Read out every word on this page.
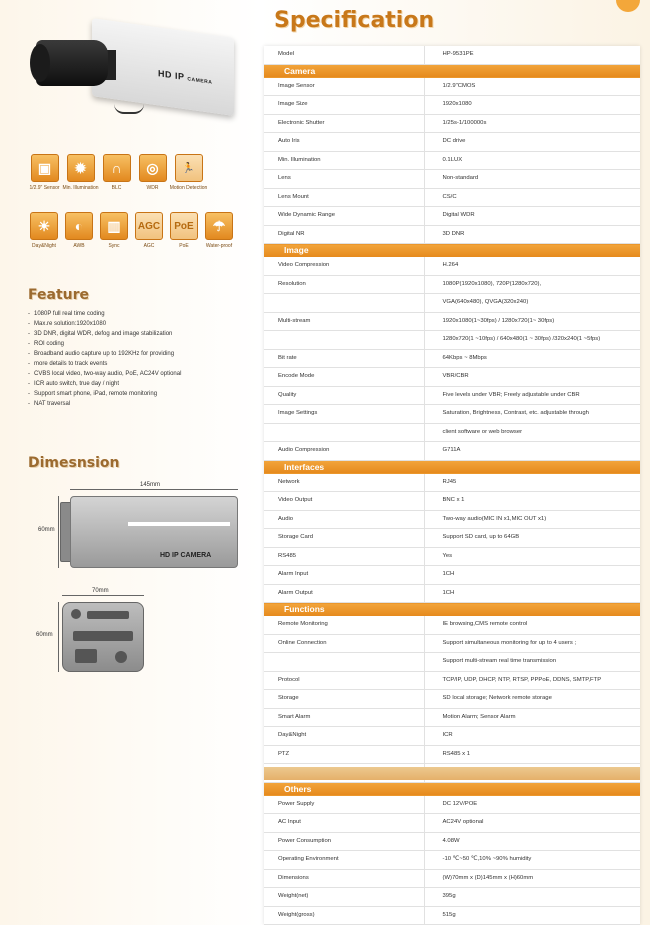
HD IP CAMERA
▣
1/2.9" Sensor
✹
Min. Illumination
∩
BLC
◎
WDR
🏃
Motion Detection
☀
Day&Night
◐
AWB
▥
Sync
AGC
AGC
PoE
PoE
☂
Water-proof
Feature
- 1080P full real time coding
- Max.re solution:1920x1080
- 3D DNR, digital WDR, defog and image stabilization
- ROI coding
- Broadband audio capture up to 192KHz for providing
- more details to track events
- CVBS local video, two-way audio, PoE, AC24V optional
- ICR auto switch, true day / night
- Support smart phone, iPad, remote monitoring
- NAT traversal
Dimesnsion
145mm
60mm
HD IP CAMERA
70mm
60mm
Specification
Model	HP-9531PE
Camera	
Image Sensor	1/2.9"CMOS
Image Size	1920x1080
Electronic Shutter	1/25s-1/100000s
Auto Iris	DC drive
Min. Illumination	0.1LUX
Lens	Non-standard
Lens Mount	CS/C
Wide Dynamic Range	Digital WDR
Digital NR	3D DNR
Image	
Video Compression	H.264
Resolution	1080P(1920x1080), 720P(1280x720),
	VGA(640x480), QVGA(320x240)
Multi-stream	1920x1080(1~30fps) / 1280x720(1~ 30fps)
	1280x720(1 ~10fps) / 640x480(1 ~ 30fps) /320x240(1 ~5fps)
Bit rate	64Kbps ~ 8Mbps
Encode Mode	VBR/CBR
Quality	Five levels under VBR; Freely adjustable under CBR
Image Settings	Saturation, Brightness, Contrast, etc. adjustable through
	client software or web browser
Audio Compression	G711A
Interfaces	
Network	RJ45
Video Output	BNC x 1
Audio	Two-way audio(MIC IN x1,MIC OUT x1)
Storage Card	Support SD card, up to 64GB
RS485	Yes
Alarm Input	1CH
Alarm Output	1CH
Functions	
Remote Monitoring	IE browsing,CMS remote control
Online Connection	Support simultaneous monitoring for up to 4 users ;
	Support multi-stream real time transmission
Protocol	TCP/IP, UDP, DHCP, NTP, RTSP, PPPoE, DDNS, SMTP,FTP
Storage	SD local storage; Network remote storage
Smart Alarm	Motion Alarm; Sensor Alarm
Day&Night	ICR
PTZ	RS485 x 1

Others	
Power Supply	DC 12V/POE
AC Input	AC24V optional
Power Consumption	4.08W
Operating Environment	-10 ℃~50 ℃,10% ~90% humidity
Dimensions	(W)70mm x (D)145mm x (H)60mm
Weight(net)	395g
Weight(gross)	515g
